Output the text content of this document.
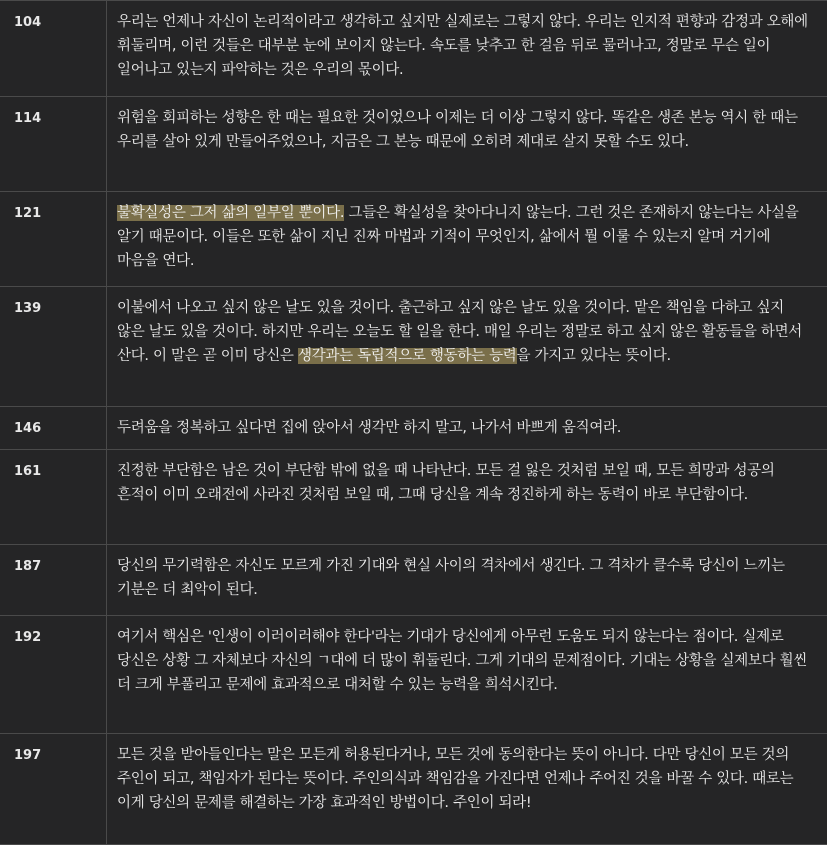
104	우리는 언제나 자신이 논리적이라고 생각하고 싶지만 실제로는 그렇지 않다. 우리는 인지적 편향과 감정과 오해에 휘둘리며, 이런 것들은 대부분 눈에 보이지 않는다. 속도를 낮추고 한 걸음 뒤로 물러나고, 정말로 무슨 일이 일어나고 있는지 파악하는 것은 우리의 몫이다.
114	위험을 회피하는 성향은 한 때는 필요한 것이었으나 이제는 더 이상 그렇지 않다. 똑같은 생존 본능 역시 한 때는 우리를 살아 있게 만들어주었으나, 지금은 그 본능 때문에 오히려 제대로 살지 못할 수도 있다.
121	불확실성은 그저 삶의 일부일 뿐이다. 그들은 확실성을 찾아다니지 않는다. 그런 것은 존재하지 않는다는 사실을 알기 때문이다. 이들은 또한 삶이 지닌 진짜 마법과 기적이 무엇인지, 삶에서 뭘 이룰 수 있는지 알며 거기에 마음을 연다.
139	이불에서 나오고 싶지 않은 날도 있을 것이다. 출근하고 싶지 않은 날도 있을 것이다. 맡은 책임을 다하고 싶지 않은 날도 있을 것이다. 하지만 우리는 오늘도 할 일을 한다. 매일 우리는 정말로 하고 싶지 않은 활동들을 하면서 산다. 이 말은 곧 이미 당신은 생각과는 독립적으로 행동하는 능력을 가지고 있다는 뜻이다.
146	두려움을 정복하고 싶다면 집에 앉아서 생각만 하지 말고, 나가서 바쁘게 움직여라.
161	진정한 부단함은 남은 것이 부단함 밖에 없을 때 나타난다. 모든 걸 잃은 것처럼 보일 때, 모든 희망과 성공의 흔적이 이미 오래전에 사라진 것처럼 보일 때, 그때 당신을 계속 정진하게 하는 동력이 바로 부단함이다.
187	당신의 무기력함은 자신도 모르게 가진 기대와 현실 사이의 격차에서 생긴다. 그 격차가 클수록 당신이 느끼는 기분은 더 최악이 된다.
192	여기서 핵심은 '인생이 이러이러해야 한다'라는 기대가 당신에게 아무런 도움도 되지 않는다는 점이다. 실제로 당신은 상황 그 자체보다 자신의 ㄱ대에 더 많이 휘둘린다. 그게 기대의 문제점이다. 기대는 상황을 실제보다 훨씬 더 크게 부풀리고 문제에 효과적으로 대처할 수 있는 능력을 희석시킨다.
197	모든 것을 받아들인다는 말은 모든게 허용된다거나, 모든 것에 동의한다는 뜻이 아니다. 다만 당신이 모든 것의 주인이 되고, 책임자가 된다는 뜻이다. 주인의식과 책임감을 가진다면 언제나 주어진 것을 바꿀 수 있다. 때로는 이게 당신의 문제를 해결하는 가장 효과적인 방법이다. 주인이 되라!
